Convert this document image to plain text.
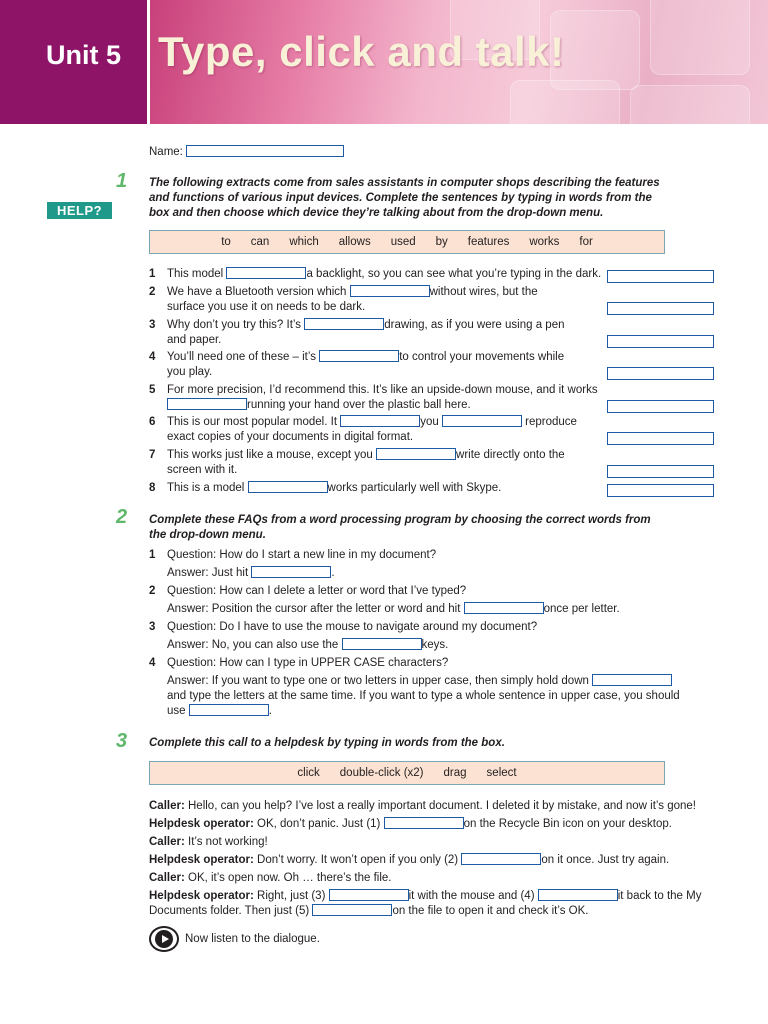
Unit 5 Type, click and talk!
Name:
1
HELP?
The following extracts come from sales assistants in computer shops describing the features
and functions of various input devices. Complete the sentences by typing in words from the
box and then choose which device they’re talking about from the drop-down menu.
to can which allows used by features works for
1 This model	a backlight, so you can see what you’re typing in the dark.
2 We have a Bluetooth version which	without wires, but the
surface you use it on needs to be dark.
3 Why don’t you try this? It’s	drawing, as if you were using a pen
and paper.
4 You’ll need one of these – it’s	to control your movements while
you play.
5 For more precision, I’d recommend this. It’s like an upside-down mouse, and it works
running your hand over the plastic ball here.
6 This is our most popular model. It	you	reproduce
exact copies of your documents in digital format.
7 This works just like a mouse, except you	write directly onto the
screen with it.
8 This is a model	works particularly well with Skype.
2 Complete these FAQs from a word processing program by choosing the correct words from
the drop-down menu.
1 Question: How do I start a new line in my document?
Answer: Just hit	.
2 Question: How can I delete a letter or word that I’ve typed?
Answer: Position the cursor after the letter or word and hit	once per letter.
3 Question: Do I have to use the mouse to navigate around my document?
Answer: No, you can also use the	keys.
4 Question: How can I type in UPPER CASE characters?
Answer: If you want to type one or two letters in upper case, then simply hold down
and type the letters at the same time. If you want to type a whole sentence in upper case, you should
use	.
3 Complete this call to a helpdesk by typing in words from the box.
click double-click (x2) drag select
Caller: Hello, can you help? I’ve lost a really important document. I deleted it by mistake, and now it’s gone!
Helpdesk operator: OK, don’t panic. Just (1)	on the Recycle Bin icon on your desktop.
Caller: It’s not working!
Helpdesk operator: Don’t worry. It won’t open if you only (2)	on it once. Just try again.
Caller: OK, it’s open now. Oh … there’s the file.
Helpdesk operator: Right, just (3)	it with the mouse and (4)	it back to the My
Documents folder. Then just (5)	on the file to open it and check it’s OK.
Now listen to the dialogue.
